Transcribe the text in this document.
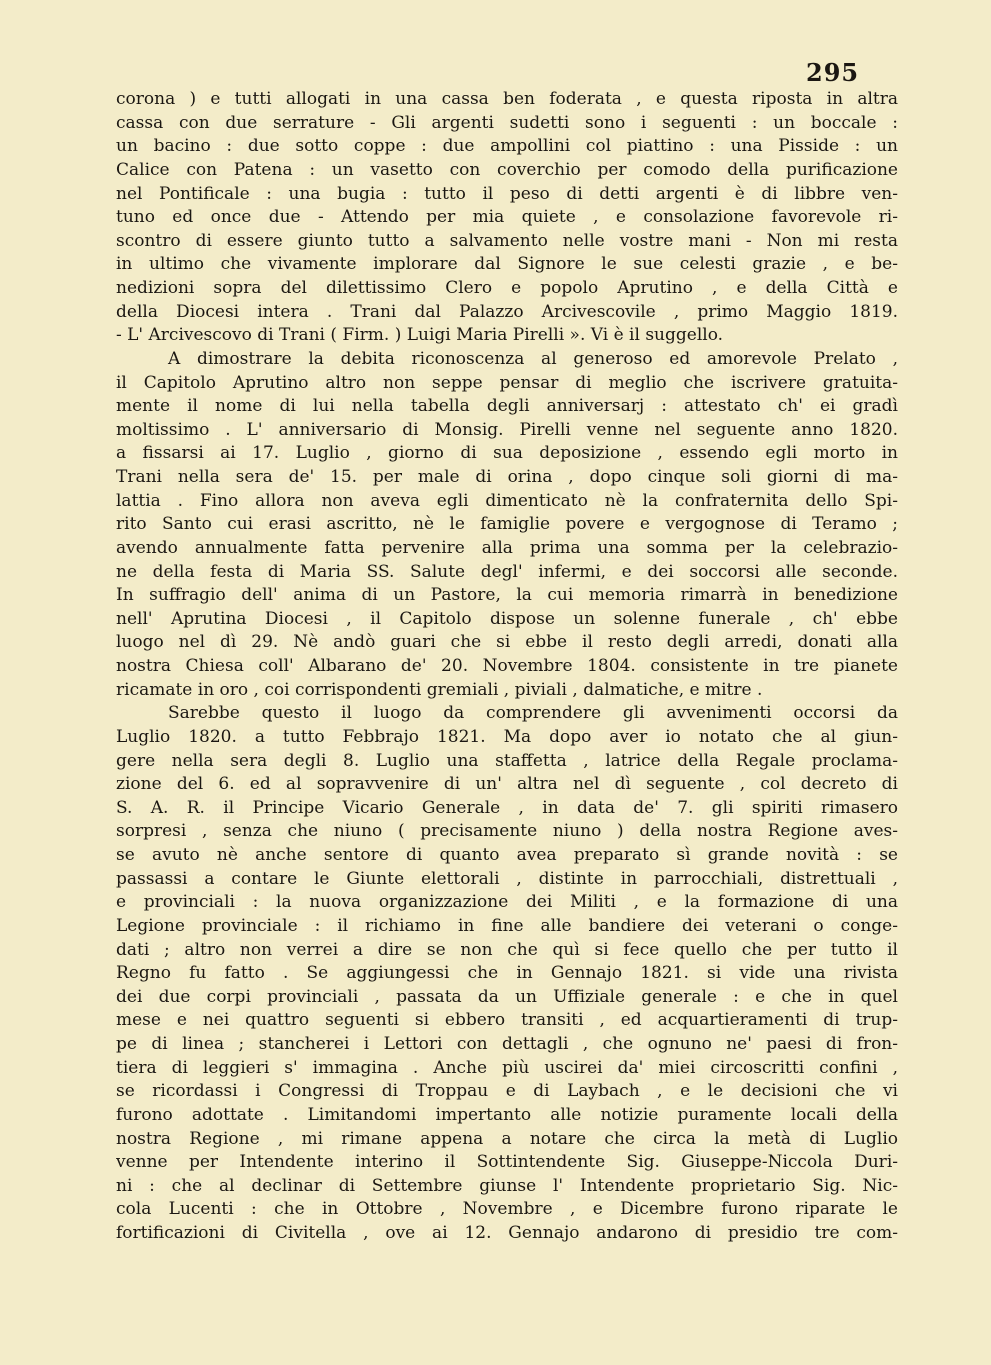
295
corona ) e tutti allogati in una cassa ben foderata , e questa riposta in altra
cassa con due serrature - Gli argenti sudetti sono i seguenti : un boccale :
un bacino : due sotto coppe : due ampollini col piattino : una Pisside : un
Calice con Patena : un vasetto con coverchio per comodo della purificazione
nel Pontificale : una bugia : tutto il peso di detti argenti è di libbre ven-
tuno ed once due - Attendo per mia quiete , e consolazione favorevole ri-
scontro di essere giunto tutto a salvamento nelle vostre mani - Non mi resta
in ultimo che vivamente implorare dal Signore le sue celesti grazie , e be-
nedizioni sopra del dilettissimo Clero e popolo Aprutino , e della Città e
della Diocesi intera . Trani dal Palazzo Arcivescovile , primo Maggio 1819.
- L' Arcivescovo di Trani ( Firm. ) Luigi Maria Pirelli ». Vi è il suggello.
A dimostrare la debita riconoscenza al generoso ed amorevole Prelato ,
il Capitolo Aprutino altro non seppe pensar di meglio che iscrivere gratuita-
mente il nome di lui nella tabella degli anniversarj : attestato ch' ei gradì
moltissimo . L' anniversario di Monsig. Pirelli venne nel seguente anno 1820.
a fissarsi ai 17. Luglio , giorno di sua deposizione , essendo egli morto in
Trani nella sera de' 15. per male di orina , dopo cinque soli giorni di ma-
lattia . Fino allora non aveva egli dimenticato nè la confraternita dello Spi-
rito Santo cui erasi ascritto, nè le famiglie povere e vergognose di Teramo ;
avendo annualmente fatta pervenire alla prima una somma per la celebrazio-
ne della festa di Maria SS. Salute degl' infermi, e dei soccorsi alle seconde.
In suffragio dell' anima di un Pastore, la cui memoria rimarrà in benedizione
nell' Aprutina Diocesi , il Capitolo dispose un solenne funerale , ch' ebbe
luogo nel dì 29. Nè andò guari che si ebbe il resto degli arredi, donati alla
nostra Chiesa coll' Albarano de' 20. Novembre 1804. consistente in tre pianete
ricamate in oro , coi corrispondenti gremiali , piviali , dalmatiche, e mitre .
Sarebbe questo il luogo da comprendere gli avvenimenti occorsi da
Luglio 1820. a tutto Febbrajo 1821. Ma dopo aver io notato che al giun-
gere nella sera degli 8. Luglio una staffetta , latrice della Regale proclama-
zione del 6. ed al sopravvenire di un' altra nel dì seguente , col decreto di
S. A. R. il Principe Vicario Generale , in data de' 7. gli spiriti rimasero
sorpresi , senza che niuno ( precisamente niuno ) della nostra Regione aves-
se avuto nè anche sentore di quanto avea preparato sì grande novità : se
passassi a contare le Giunte elettorali , distinte in parrocchiali, distrettuali ,
e provinciali : la nuova organizzazione dei Militi , e la formazione di una
Legione provinciale : il richiamo in fine alle bandiere dei veterani o conge-
dati ; altro non verrei a dire se non che quì si fece quello che per tutto il
Regno fu fatto . Se aggiungessi che in Gennajo 1821. si vide una rivista
dei due corpi provinciali , passata da un Uffiziale generale : e che in quel
mese e nei quattro seguenti si ebbero transiti , ed acquartieramenti di trup-
pe di linea ; stancherei i Lettori con dettagli , che ognuno ne' paesi di fron-
tiera di leggieri s' immagina . Anche più uscirei da' miei circoscritti confini ,
se ricordassi i Congressi di Troppau e di Laybach , e le decisioni che vi
furono adottate . Limitandomi impertanto alle notizie puramente locali della
nostra Regione , mi rimane appena a notare che circa la metà di Luglio
venne per Intendente interino il Sottintendente Sig. Giuseppe-Niccola Duri-
ni : che al declinar di Settembre giunse l' Intendente proprietario Sig. Nic-
cola Lucenti : che in Ottobre , Novembre , e Dicembre furono riparate le
fortificazioni di Civitella , ove ai 12. Gennajo andarono di presidio tre com-
